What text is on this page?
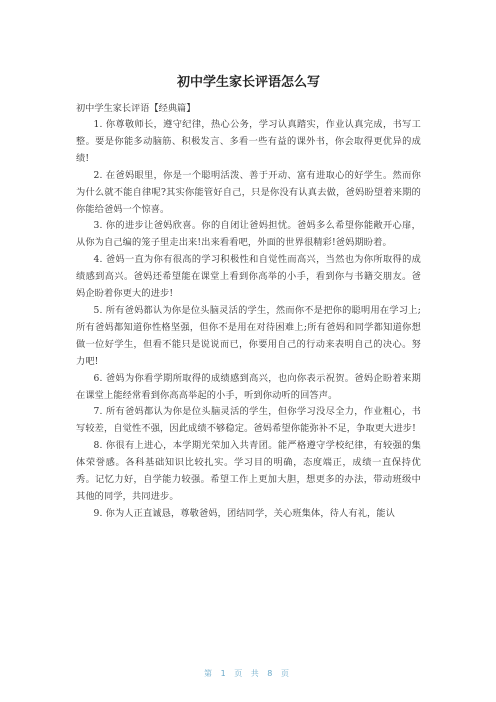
初中学生家长评语怎么写

初中学生家长评语【经典篇】

1. 你尊敬师长，遵守纪律，热心公务，学习认真踏实，作业认真完成，书写工整。要是你能多动脑筋、积极发言、多看一些有益的课外书，你会取得更优异的成绩!

2. 在爸妈眼里，你是一个聪明活泼、善于开动、富有进取心的好学生。然而你为什么就不能自律呢?其实你能管好自己，只是你没有认真去做，爸妈盼望着来期的你能给爸妈一个惊喜。

3. 你的进步让爸妈欣喜。你的自闭让爸妈担忧。爸妈多么希望你能敞开心扉，从你为自己编的笼子里走出来!出来看看吧，外面的世界很精彩!爸妈期盼着。

4. 爸妈一直为你有很高的学习积极性和自觉性而高兴，当然也为你所取得的成绩感到高兴。爸妈还希望能在课堂上看到你高举的小手，看到你与书籍交朋友。爸妈企盼着你更大的进步!

5. 所有爸妈都认为你是位头脑灵活的学生，然而你不是把你的聪明用在学习上;所有爸妈都知道你性格坚强，但你不是用在对待困难上;所有爸妈和同学都知道你想做一位好学生，但看不能只是说说而已，你要用自己的行动来表明自己的决心。努力吧!

6. 爸妈为你看学期所取得的成绩感到高兴，也向你表示祝贺。爸妈企盼着来期在课堂上能经常看到你高高举起的小手，听到你动听的回答声。

7. 所有爸妈都认为你是位头脑灵活的学生，但你学习没尽全力，作业粗心，书写较差，自觉性不强，因此成绩不够稳定。爸妈希望你能弥补不足，争取更大进步!

8. 你很有上进心，本学期光荣加入共青团。能严格遵守学校纪律，有较强的集体荣誉感。各科基础知识比较扎实。学习目的明确，态度端正，成绩一直保持优秀。记忆力好，自学能力较强。希望工作上更加大胆，想更多的办法，带动班级中其他的同学，共同进步。

9. 你为人正直诚恳，尊敬爸妈，团结同学，关心班集体，待人有礼，能认

第 1 页 共 8 页
